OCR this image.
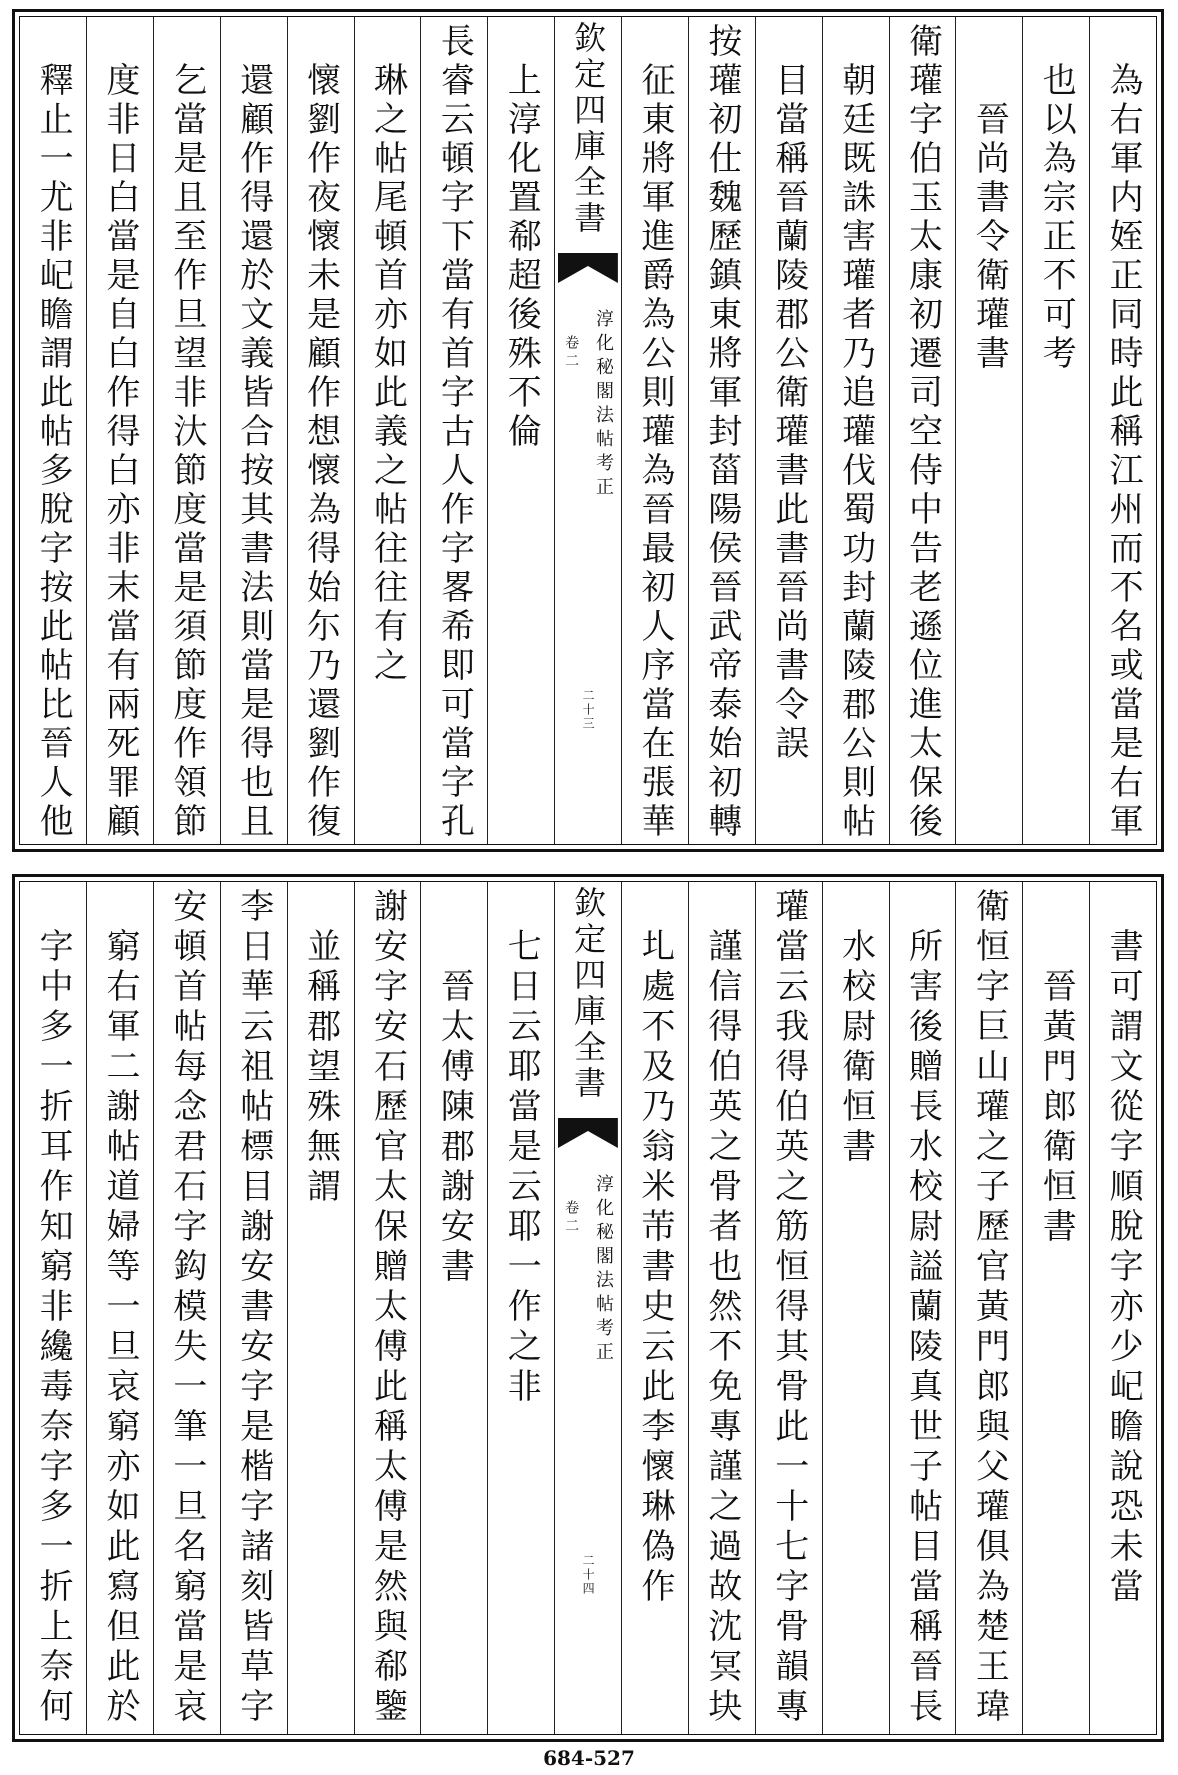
為右軍内姪正同時此稱江州而不名或當是右軍
也以為宗正不可考
晉尚書令衛瓘書
衛瓘字伯玉太康初遷司空侍中告老遜位進太保後
朝廷既誅害瓘者乃追瓘伐蜀功封蘭陵郡公則帖
目當稱晉蘭陵郡公衛瓘書此書晉尚書令誤
按瓘初仕魏歷鎮東將軍封菑陽侯晉武帝泰始初轉
征東將軍進爵為公則瓘為晉最初人序當在張華
欽定四庫全書
淳化秘閣法帖考正
卷二
二十三
上淳化置郗超後殊不倫
長睿云頓字下當有首字古人作字畧希即可當字孔
琳之帖尾頓首亦如此義之帖往往有之
懷劉作夜懷未是顧作想懷為得始尓乃還劉作復
還顧作得還於文義皆合按其書法則當是得也且
乞當是且至作旦望非汏節度當是須節度作領節
度非日白當是自白作得白亦非末當有兩死罪顧
釋止一尤非屺瞻謂此帖多脫字按此帖比晉人他
書可謂文從字順脫字亦少屺瞻說恐未當
晉黃門郎衛恒書
衛恒字巨山瓘之子歷官黃門郎與父瓘俱為楚王瑋
所害後贈長水校尉謚蘭陵真世子帖目當稱晉長
水校尉衛恒書
瓘當云我得伯英之筋恒得其骨此一十七字骨韻專
謹信得伯英之骨者也然不免專謹之過故沈冥块
圠處不及乃翁米芾書史云此李懷琳偽作
欽定四庫全書
淳化秘閣法帖考正
卷二
二十四
七日云耶當是云耶一作之非
晉太傅陳郡謝安書
謝安字安石歷官太保贈太傅此稱太傅是然與郗鑒
並稱郡望殊無謂
李日華云祖帖標目謝安書安字是楷字諸刻皆草字
安頓首帖每念君石字鈎模失一筆一旦名窮當是哀
窮右軍二謝帖道婦等一旦哀窮亦如此寫但此於
字中多一折耳作知窮非纔毒奈字多一折上奈何
684-527
